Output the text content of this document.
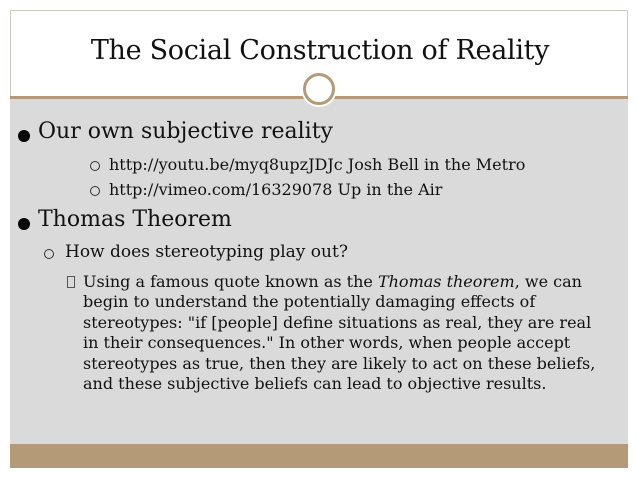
The Social Construction of Reality
Our own subjective reality
http://youtu.be/myq8upzJDJc Josh Bell in the Metro
http://vimeo.com/16329078 Up in the Air
Thomas Theorem
How does stereotyping play out?
Using a famous quote known as the Thomas theorem, we can begin to understand the potentially damaging effects of stereotypes: "if [people] define situations as real, they are real in their consequences." In other words, when people accept stereotypes as true, then they are likely to act on these beliefs, and these subjective beliefs can lead to objective results.
